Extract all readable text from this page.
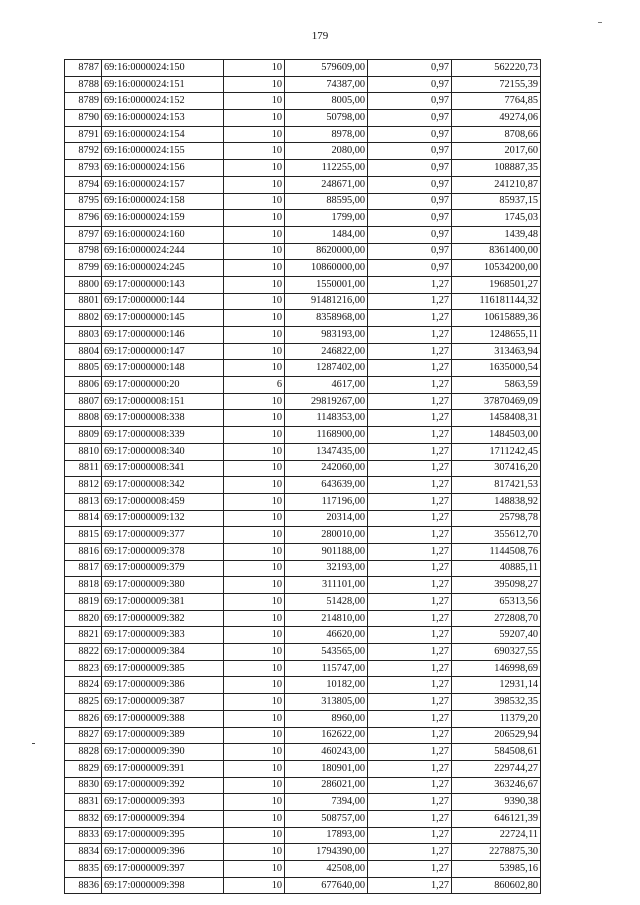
179
8787	69:16:0000024:150	10	579609,00	0,97	562220,73
8788	69:16:0000024:151	10	74387,00	0,97	72155,39
8789	69:16:0000024:152	10	8005,00	0,97	7764,85
8790	69:16:0000024:153	10	50798,00	0,97	49274,06
8791	69:16:0000024:154	10	8978,00	0,97	8708,66
8792	69:16:0000024:155	10	2080,00	0,97	2017,60
8793	69:16:0000024:156	10	112255,00	0,97	108887,35
8794	69:16:0000024:157	10	248671,00	0,97	241210,87
8795	69:16:0000024:158	10	88595,00	0,97	85937,15
8796	69:16:0000024:159	10	1799,00	0,97	1745,03
8797	69:16:0000024:160	10	1484,00	0,97	1439,48
8798	69:16:0000024:244	10	8620000,00	0,97	8361400,00
8799	69:16:0000024:245	10	10860000,00	0,97	10534200,00
8800	69:17:0000000:143	10	1550001,00	1,27	1968501,27
8801	69:17:0000000:144	10	91481216,00	1,27	116181144,32
8802	69:17:0000000:145	10	8358968,00	1,27	10615889,36
8803	69:17:0000000:146	10	983193,00	1,27	1248655,11
8804	69:17:0000000:147	10	246822,00	1,27	313463,94
8805	69:17:0000000:148	10	1287402,00	1,27	1635000,54
8806	69:17:0000000:20	6	4617,00	1,27	5863,59
8807	69:17:0000008:151	10	29819267,00	1,27	37870469,09
8808	69:17:0000008:338	10	1148353,00	1,27	1458408,31
8809	69:17:0000008:339	10	1168900,00	1,27	1484503,00
8810	69:17:0000008:340	10	1347435,00	1,27	1711242,45
8811	69:17:0000008:341	10	242060,00	1,27	307416,20
8812	69:17:0000008:342	10	643639,00	1,27	817421,53
8813	69:17:0000008:459	10	117196,00	1,27	148838,92
8814	69:17:0000009:132	10	20314,00	1,27	25798,78
8815	69:17:0000009:377	10	280010,00	1,27	355612,70
8816	69:17:0000009:378	10	901188,00	1,27	1144508,76
8817	69:17:0000009:379	10	32193,00	1,27	40885,11
8818	69:17:0000009:380	10	311101,00	1,27	395098,27
8819	69:17:0000009:381	10	51428,00	1,27	65313,56
8820	69:17:0000009:382	10	214810,00	1,27	272808,70
8821	69:17:0000009:383	10	46620,00	1,27	59207,40
8822	69:17:0000009:384	10	543565,00	1,27	690327,55
8823	69:17:0000009:385	10	115747,00	1,27	146998,69
8824	69:17:0000009:386	10	10182,00	1,27	12931,14
8825	69:17:0000009:387	10	313805,00	1,27	398532,35
8826	69:17:0000009:388	10	8960,00	1,27	11379,20
8827	69:17:0000009:389	10	162622,00	1,27	206529,94
8828	69:17:0000009:390	10	460243,00	1,27	584508,61
8829	69:17:0000009:391	10	180901,00	1,27	229744,27
8830	69:17:0000009:392	10	286021,00	1,27	363246,67
8831	69:17:0000009:393	10	7394,00	1,27	9390,38
8832	69:17:0000009:394	10	508757,00	1,27	646121,39
8833	69:17:0000009:395	10	17893,00	1,27	22724,11
8834	69:17:0000009:396	10	1794390,00	1,27	2278875,30
8835	69:17:0000009:397	10	42508,00	1,27	53985,16
8836	69:17:0000009:398	10	677640,00	1,27	860602,80
